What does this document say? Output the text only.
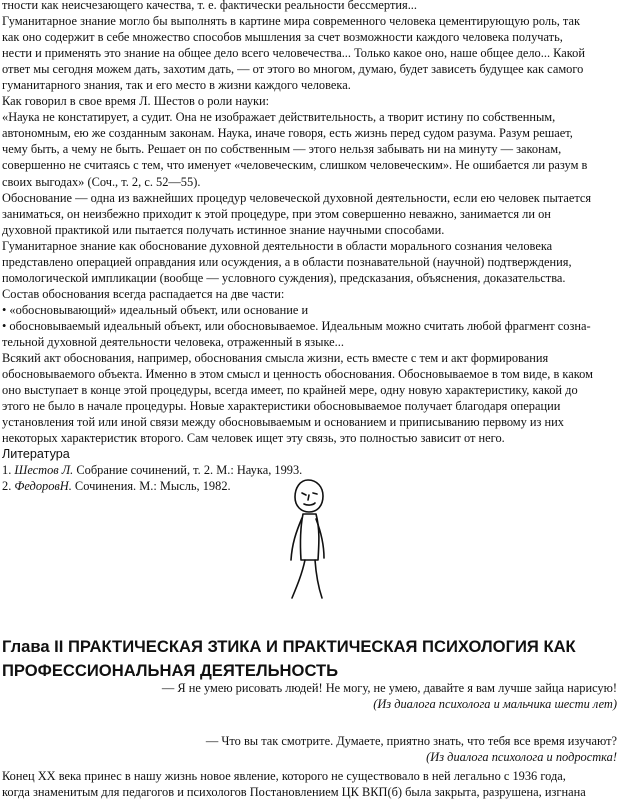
тности как неисчезающего качества, т. е. фактически реальности бессмертия...

Гуманитарное знание могло бы выполнять в картине мира современного человека цементирующую роль, так

как оно содержит в себе множество способов мышления за счет возможности каждого человека получать,

нести и применять это знание на общее дело всего человечества... Только какое оно, наше общее дело... Какой

ответ мы сегодня можем дать, захотим дать, — от этого во многом, думаю, будет зависеть будущее как самого

гуманитарного знания, так и его место в жизни каждого человека.

Как говорил в свое время Л. Шестов о роли науки:

«Наука не констатирует, а судит. Она не изображает действительность, а творит истину по собственным,

автономным, ею же созданным законам. Наука, иначе говоря, есть жизнь перед судом разума. Разум решает,

чему быть, а чему не быть. Решает он по собственным — этого нельзя забывать ни на минуту — законам,

совершенно не считаясь с тем, что именует «человеческим, слишком человеческим». Не ошибается ли разум в

своих выгодах» (Соч., т. 2, с. 52—55).

Обоснование — одна из важнейших процедур человеческой духовной деятельности, если ею человек пытается

заниматься, он неизбежно приходит к этой процедуре, при этом совершенно неважно, занимается ли он

духовной практикой или пытается получать истинное знание научными способами.

Гуманитарное знание как обоснование духовной деятельности в области морального сознания человека

представлено операцией оправдания или осуждения, а в области познавательной (научной) подтверждения,

помологической импликации (вообще — условного суждения), предсказания, объяснения, доказательства.

Состав обоснования всегда распадается на две части:

• «обосновывающий» идеальный объект, или основание и

• обосновываемый идеальный объект, или обосновываемое. Идеальным можно считать любой фрагмент созна-

тельной духовной деятельности человека, отраженный в языке...

Всякий акт обоснования, например, обоснования смысла жизни, есть вместе с тем и акт формирования

обосновываемого объекта. Именно в этом смысл и ценность обоснования. Обосновываемое в том виде, в каком

оно выступает в конце этой процедуры, всегда имеет, по крайней мере, одну новую характеристику, какой до

этого не было в начале процедуры. Новые характеристики обосновываемое получает благодаря операции

установления той или иной связи между обосновываемым и основанием и приписыванию первому из них

некоторых характеристик второго. Сам человек ищет эту связь, это полностью зависит от него.

Литература

1. Шестов Л. Собрание сочинений, т. 2. М.: Наука, 1993.

2. ФедоровН. Сочинения. М.: Мысль, 1982.

Глава II ПРАКТИЧЕСКАЯ ЗТИКА И ПРАКТИЧЕСКАЯ ПСИХОЛОГИЯ КАК
ПРОФЕССИОНАЛЬНАЯ ДЕЯТЕЛЬНОСТЬ

— Я не умею рисовать людей! Не могу, не умею, давайте я вам лучше зайца нарисую!

(Из диалога психолога и мальчика шести лет)

— Что вы так смотрите. Думаете, приятно знать, что тебя все время изучают?

(Из диалога психолога и подростка!

Конец XX века принес в нашу жизнь новое явление, которого не существовало в ней легально с 1936 года,
когда знаменитым для педагогов и психологов Постановлением ЦК ВКП(б) была закрыта, разрушена, изгнана
